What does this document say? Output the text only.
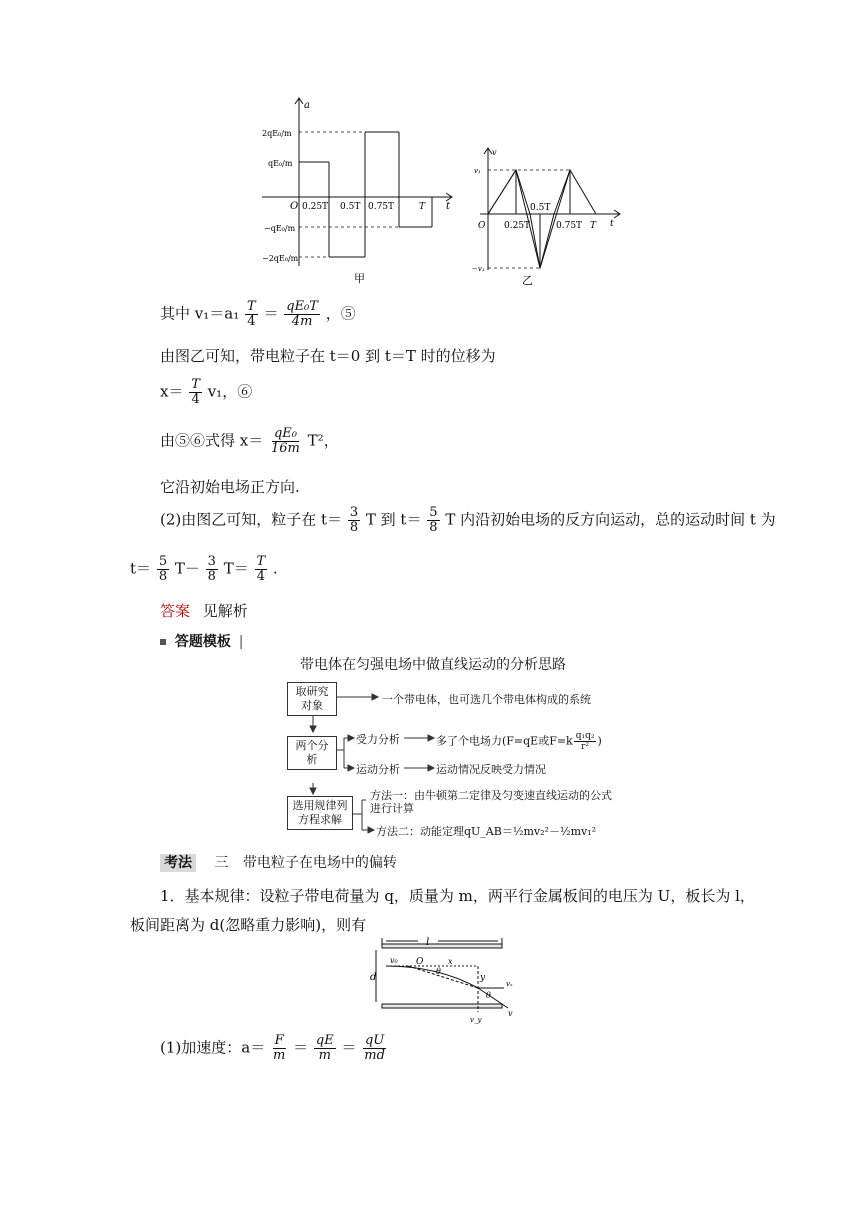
a
t
O
2qE₀/m
qE₀/m
−qE₀/m
−2qE₀/m
0.25T 0.5T 0.75T	T
甲
v
t
O
v₁
−v₁
0.25T
0.5T
0.75T T
乙
其中 $v_1=a_1 \frac{T}{4} = \frac{\text{qE₀T}}{4m}$ ，⑤
由图乙可知，带电粒子在 t＝0 到 t＝T 时的位移为
$x= \frac{T}{4} v_1$，⑥
由⑤⑥式得 $x= \frac{\text{qE₀}}{16m} T^2$，
它沿初始电场正方向.
(2)由图乙可知，粒子在 $t= \frac{3}{8}$ T 到 $t= \frac{5}{8}$ T 内沿初始电场的反方向运动，总的运动时间 t 为
$t= \frac{5}{8} T- \frac{3}{8} T= \frac{T}{4}$ .
答案 见解析
答题模板 |
带电体在匀强电场中做直线运动的分析思路
取研究对象	一个带电体，也可选几个带电体构成的系统
两个分析
受力分析	多了个电场力(F=qE或$F=k \frac{\text{q₁q₂}}{\text{r²}}$ )
运动分析	运动情况反映受力情况
选用规律列方程求解
方法一：由牛顿第二定律及匀变速直线运动的公式进行计算
方法二：动能定理qU_AB＝½mv₂²－½mv₁²
考法 三 带电粒子在电场中的偏转
1．基本规律：设粒子带电荷量为 q，质量为 m，两平行金属板间的电压为 U，板长为 l，
板间距离为 d(忽略重力影响)，则有
l
d
v₀ O	x
θ
y
vₓ
θ
v_y
v
(1)加速度：$a= \frac{F}{m} = \frac{qE}{m} = \frac{qU}{md}$
